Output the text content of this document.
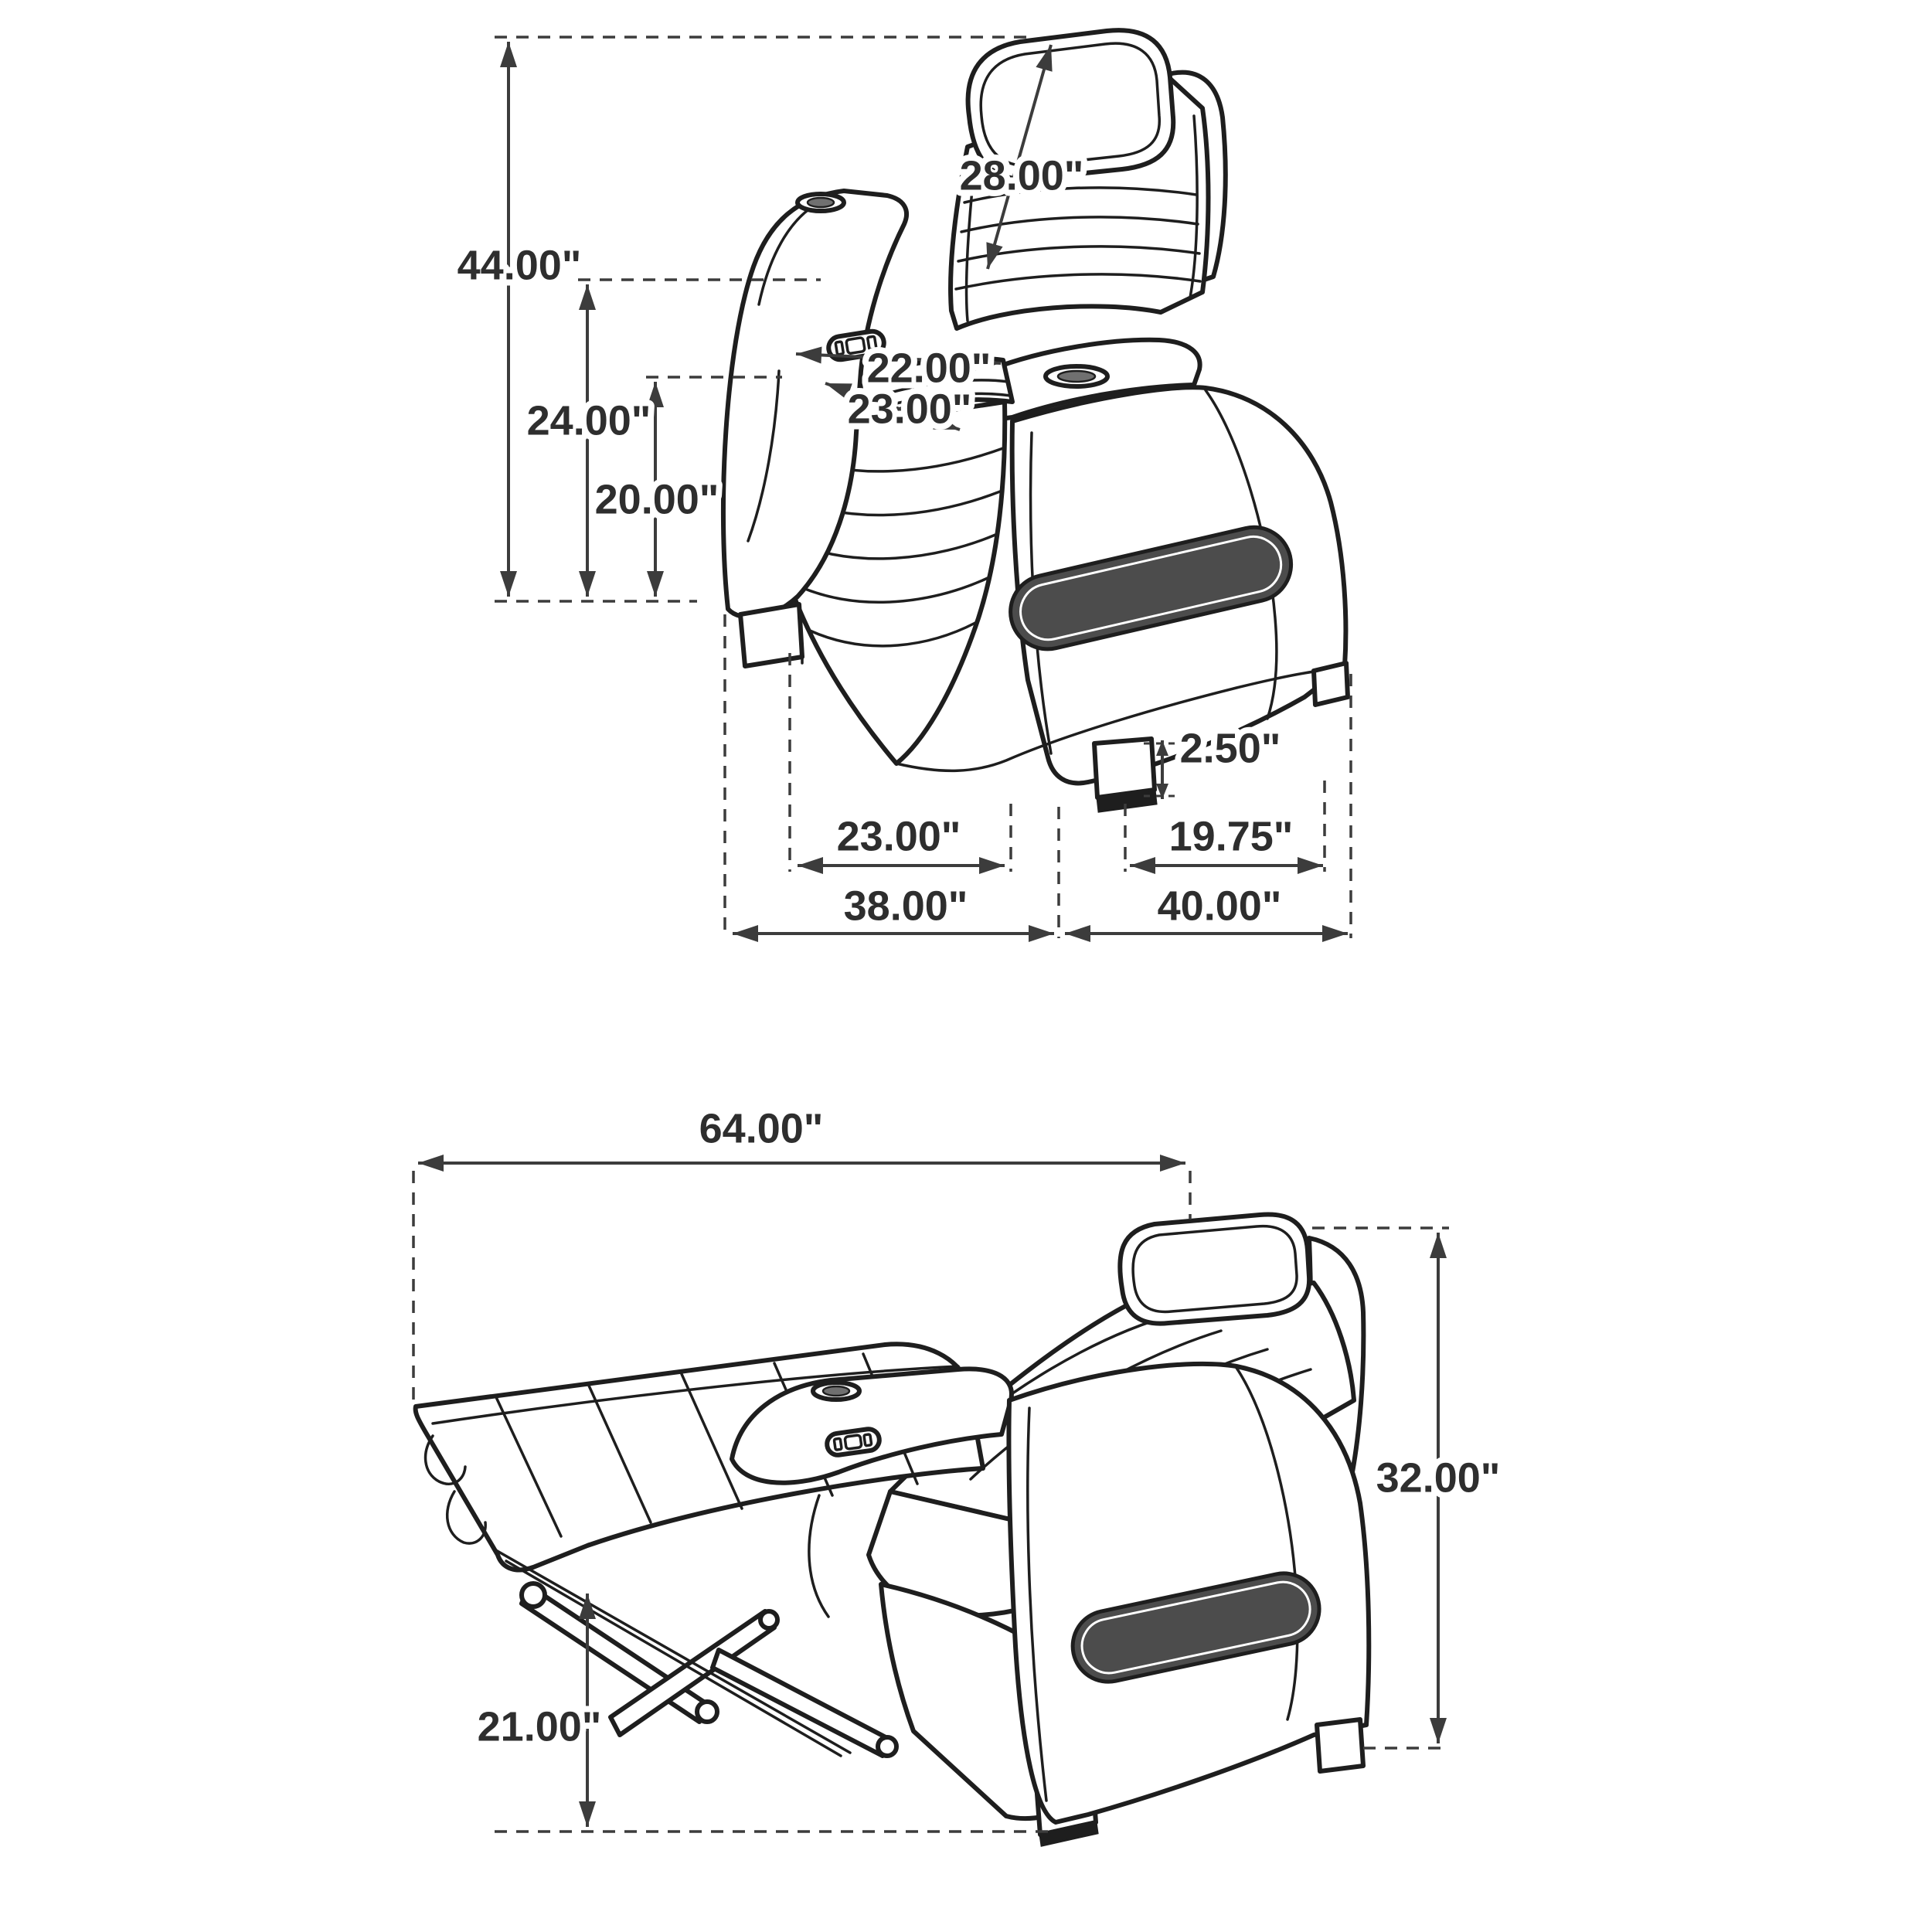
44.00"
24.00"
20.00"
28.00"
22.00"
23.00"
2.50"
23.00"	19.75"
38.00"	40.00"
64.00"
32.00"
21.00"
